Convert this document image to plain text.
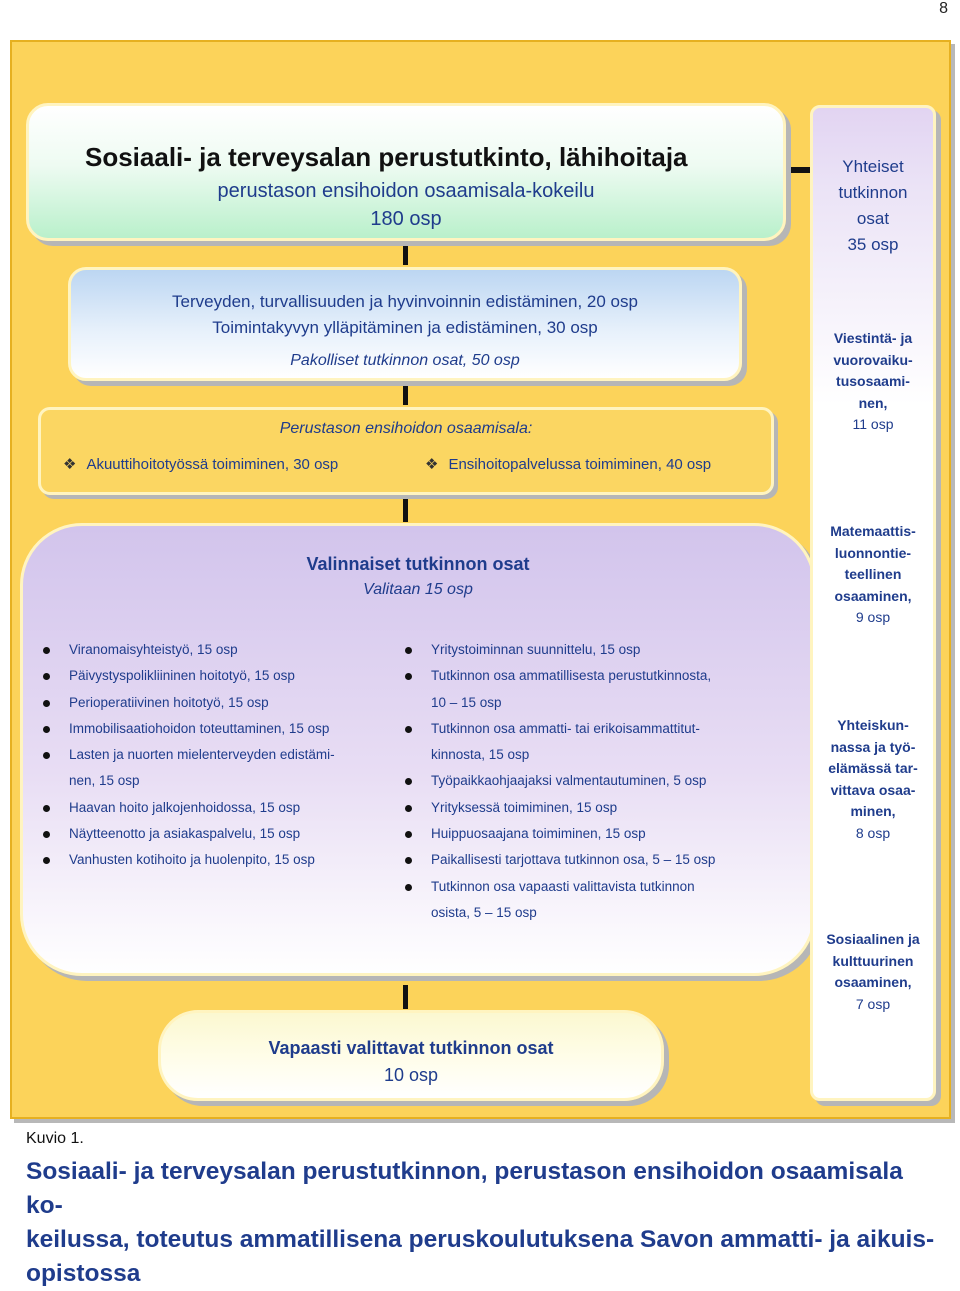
8
Sosiaali- ja terveysalan perustutkinto, lähihoitaja
perustason ensihoidon osaamisala-kokeilu
180 osp
Terveyden, turvallisuuden ja hyvinvoinnin edistäminen, 20 osp
Toimintakyvyn ylläpitäminen ja edistäminen, 30 osp
Pakolliset tutkinnon osat, 50 osp
Perustason ensihoidon osaamisala:
❖ Akuuttihoitotyössä toimiminen, 30 osp	❖ Ensihoitopalvelussa toimiminen, 40 osp
Valinnaiset tutkinnon osat
Valitaan 15 osp
Viranomaisyhteistyö, 15 osp
Päivystyspolikliininen hoitotyö, 15 osp
Perioperatiivinen hoitotyö, 15 osp
Immobilisaatiohoidon toteuttaminen, 15 osp
Lasten ja nuorten mielenterveyden edistämi-
nen, 15 osp
Haavan hoito jalkojenhoidossa, 15 osp
Näytteenotto ja asiakaspalvelu, 15 osp
Vanhusten kotihoito ja huolenpito, 15 osp
Yritystoiminnan suunnittelu, 15 osp
Tutkinnon osa ammatillisesta perustutkinnosta,
10 – 15 osp
Tutkinnon osa ammatti- tai erikoisammattitut-
kinnosta, 15 osp
Työpaikkaohjaajaksi valmentautuminen, 5 osp
Yrityksessä toimiminen, 15 osp
Huippuosaajana toimiminen, 15 osp
Paikallisesti tarjottava tutkinnon osa, 5 – 15 osp
Tutkinnon osa vapaasti valittavista tutkinnon
osista, 5 – 15 osp
Vapaasti valittavat tutkinnon osat
10 osp
Yhteiset
tutkinnon
osat
35 osp
Viestintä- ja
vuorovaiku-
tusosaami-
nen,
11 osp
Matemaattis-
luonnontie-
teellinen
osaaminen,
9 osp
Yhteiskun-
nassa ja työ-
elämässä tar-
vittava osaa-
minen,
8 osp
Sosiaalinen ja
kulttuurinen
osaaminen,
7 osp
Kuvio 1.
Sosiaali- ja terveysalan perustutkinnon, perustason ensihoidon osaamisala ko-
keilussa, toteutus ammatillisena peruskoulutuksena Savon ammatti- ja aikuis-
opistossa
